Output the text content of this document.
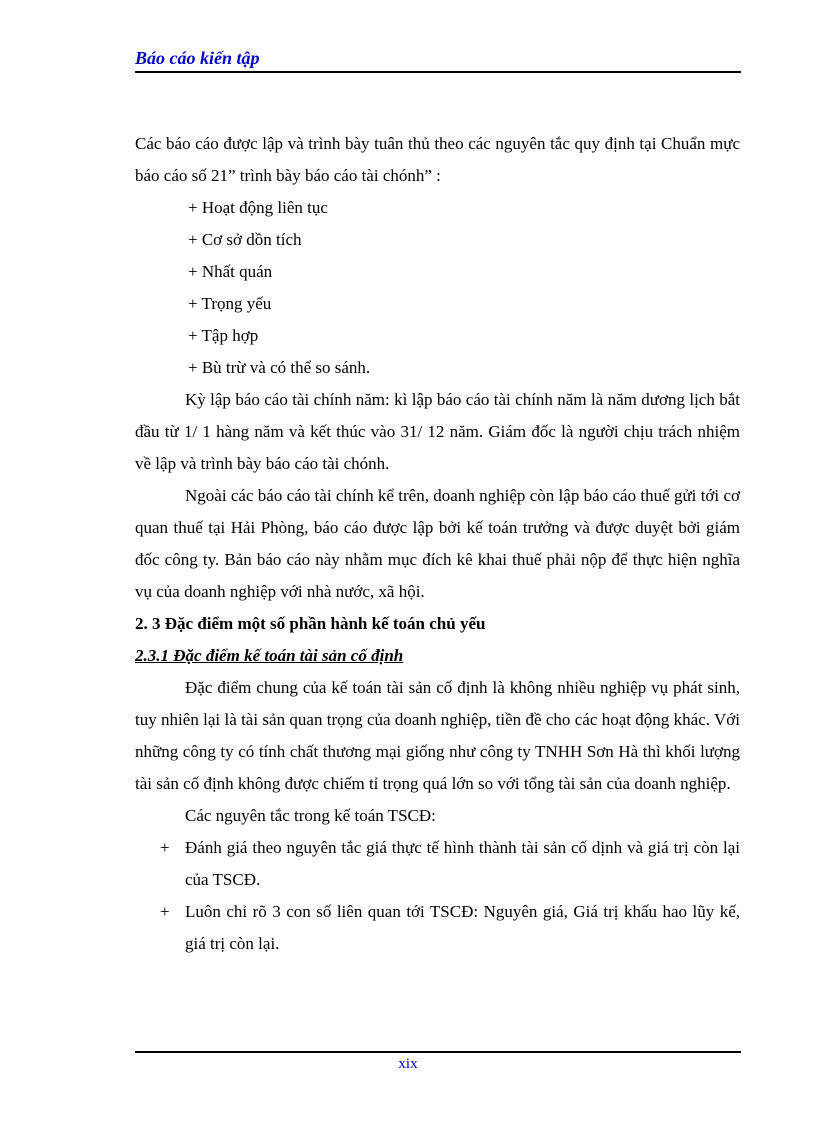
Báo cáo kiến tập

Các báo cáo được lập và trình bày tuân thủ theo các nguyên tắc quy định tại Chuẩn mực báo cáo số 21” trình bày báo cáo tài chónh” :

+ Hoạt động liên tục

+ Cơ sở dồn tích

+ Nhất quán

+ Trọng yếu

+ Tập hợp

+ Bù trừ và có thể so sánh.

Kỳ lập báo cáo tài chính năm: kì lập báo cáo tài chính năm là năm dương lịch bắt đầu từ 1/ 1 hàng năm và kết thúc vào 31/ 12 năm. Giám đốc là người chịu trách nhiệm về lập và trình bày báo cáo tài chónh.

Ngoài các báo cáo tài chính kể trên, doanh nghiệp còn lập báo cáo thuế gửi tới cơ quan thuế tại Hải Phòng, báo cáo được lập bởi kế toán trưởng và được duyệt bởi giám đốc công ty. Bản báo cáo này nhằm mục đích kê khai thuế phải nộp để thực hiện nghĩa vụ của doanh nghiệp với nhà nước, xã hội.

2. 3 Đặc điểm một số phần hành kế toán chủ yếu

2.3.1 Đặc điểm kế toán tài sản cố định

Đặc điểm chung của kế toán tài sản cố định là không nhiều nghiệp vụ phát sinh, tuy nhiên lại là tài sản quan trọng của doanh nghiệp, tiền đề cho các hoạt động khác. Với những công ty có tính chất thương mại giống như công ty TNHH Sơn Hà thì khối lượng tài sản cố định không được chiếm tỉ trọng quá lớn so với tổng tài sản của doanh nghiệp.

Các nguyên tắc trong kế toán TSCĐ:

+ Đánh giá theo nguyên tắc giá thực tế hình thành tài sản cố dịnh và giá trị còn lại của TSCĐ.
+ Luôn chỉ rõ 3 con số liên quan tới TSCĐ: Nguyên giá, Giá trị khấu hao lũy kế, giá trị còn lại.
xix
